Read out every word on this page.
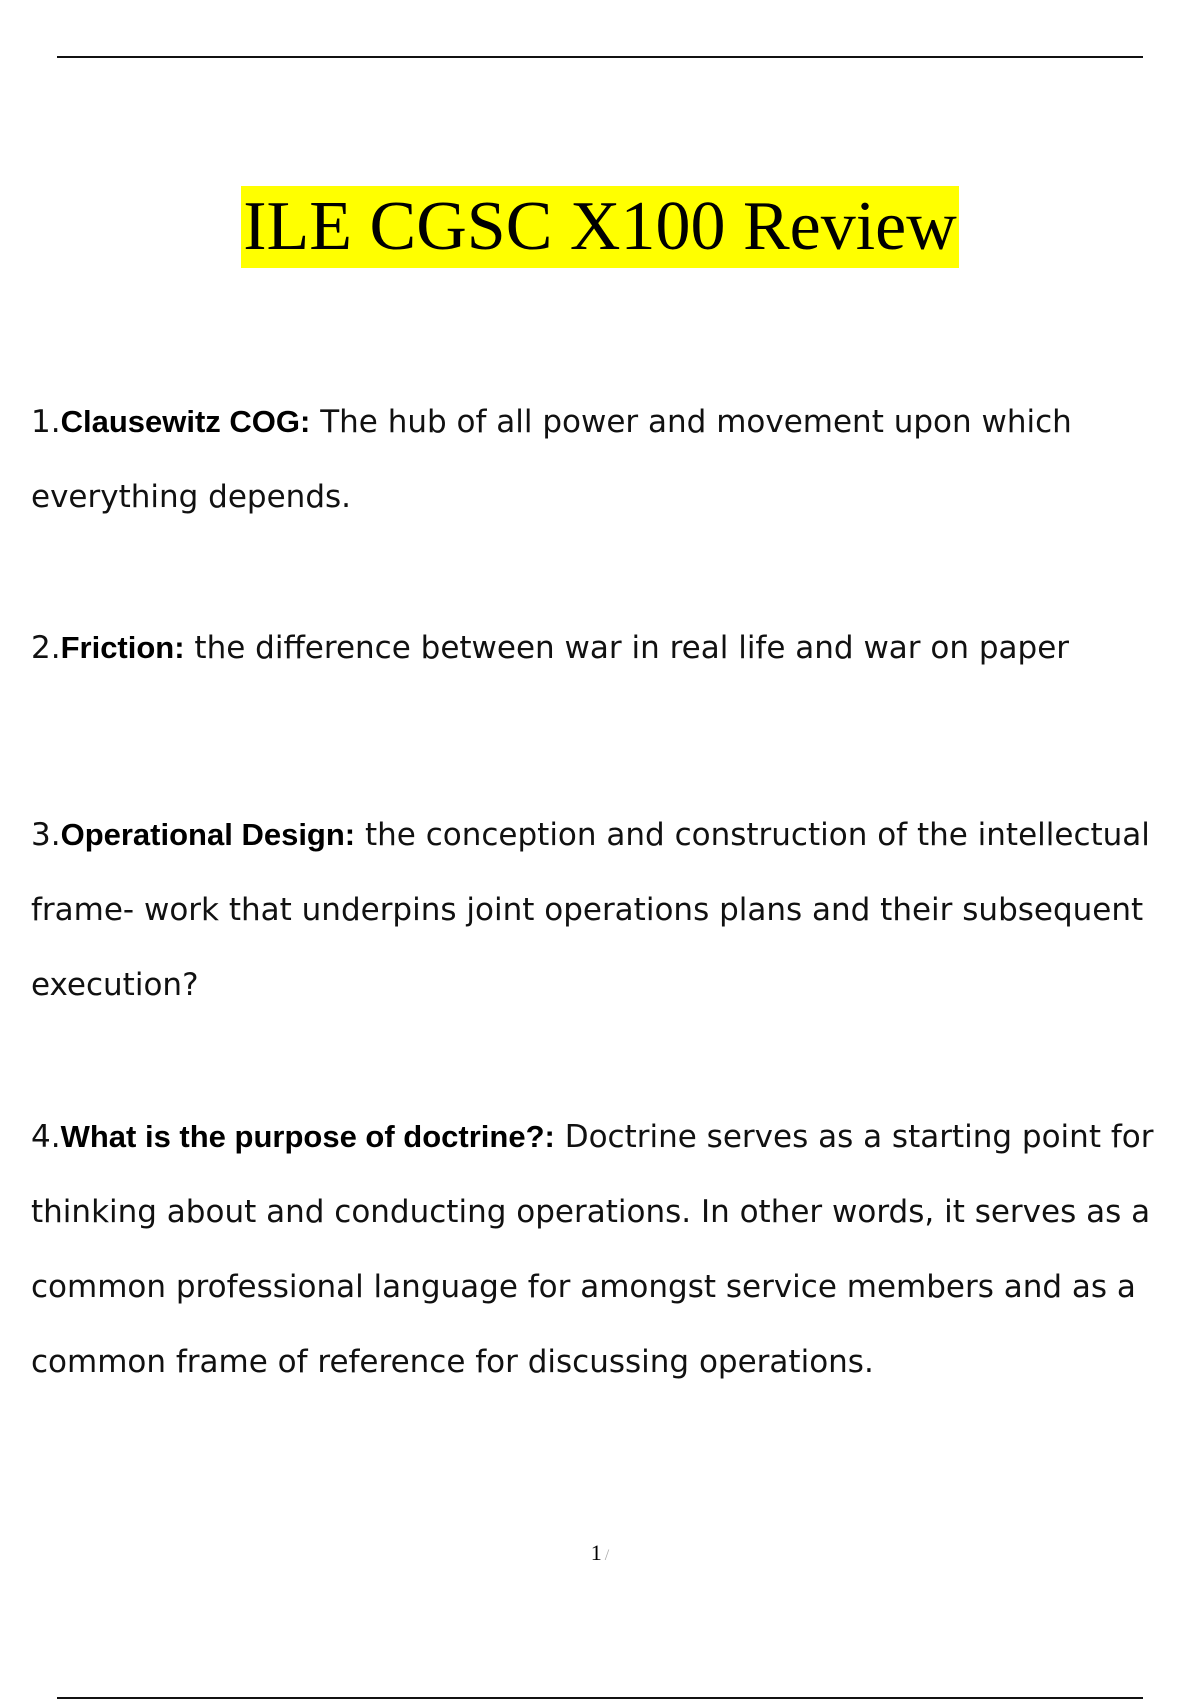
ILE CGSC X100 Review

1.Clausewitz COG: The hub of all power and movement upon which everything depends.

2.Friction: the difference between war in real life and war on paper

3.Operational Design: the conception and construction of the intellectual frame- work that underpins joint operations plans and their subsequent execution?

4.What is the purpose of doctrine?: Doctrine serves as a starting point for thinking about and conducting operations. In other words, it serves as a common professional language for amongst service members and as a common frame of reference for discussing operations.

1 /
